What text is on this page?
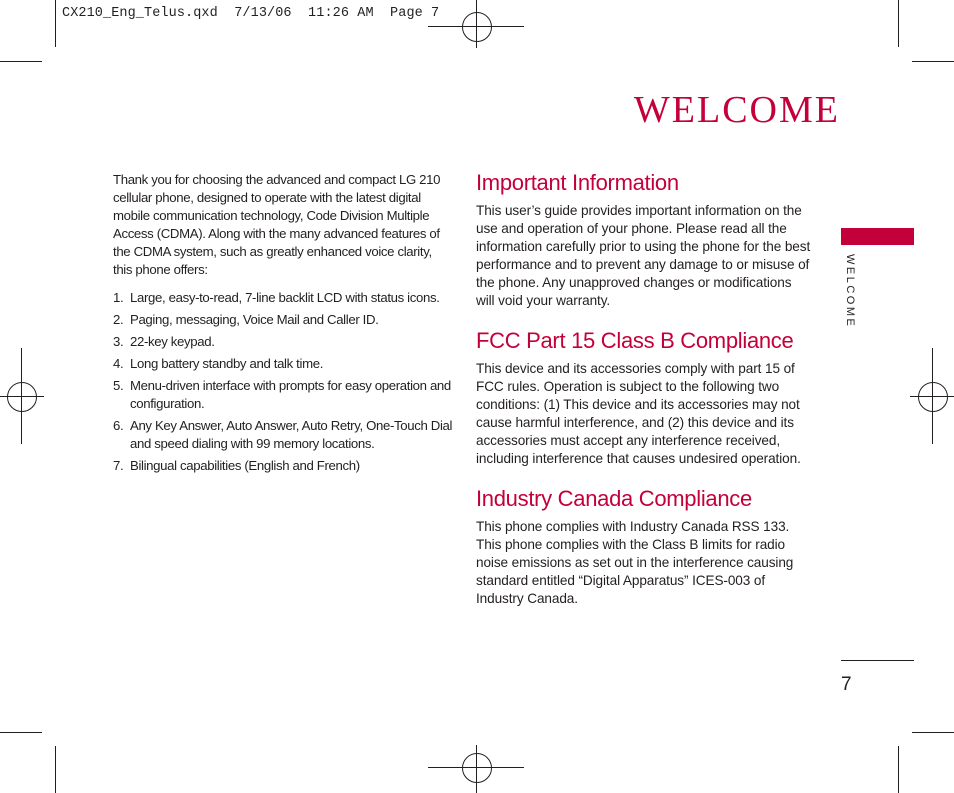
CX210_Eng_Telus.qxd  7/13/06  11:26 AM  Page 7
WELCOME
WELCOME

Thank you for choosing the advanced and compact LG 210 cellular phone, designed to operate with the latest digital mobile communication technology, Code Division Multiple Access (CDMA). Along with the many advanced features of the CDMA system, such as greatly enhanced voice clarity, this phone offers:

1. Large, easy-to-read, 7-line backlit LCD with status icons.
2. Paging, messaging, Voice Mail and Caller ID.
3. 22-key keypad.
4. Long battery standby and talk time.
5. Menu-driven interface with prompts for easy operation and configuration.
6. Any Key Answer, Auto Answer, Auto Retry, One-Touch Dial and speed dialing with 99 memory locations.
7. Bilingual capabilities (English and French)
Important Information

This user’s guide provides important information on the use and operation of your phone. Please read all the information carefully prior to using the phone for the best performance and to prevent any damage to or misuse of the phone. Any unapproved changes or modifications will void your warranty.

FCC Part 15 Class B Compliance

This device and its accessories comply with part 15 of FCC rules. Operation is subject to the following two conditions: (1) This device and its accessories may not cause harmful interference, and (2) this device and its accessories must accept any interference received, including interference that causes undesired operation.

Industry Canada Compliance

This phone complies with Industry Canada RSS 133. This phone complies with the Class B limits for radio noise emissions as set out in the interference causing standard entitled “Digital Apparatus” ICES-003 of Industry Canada.

7
